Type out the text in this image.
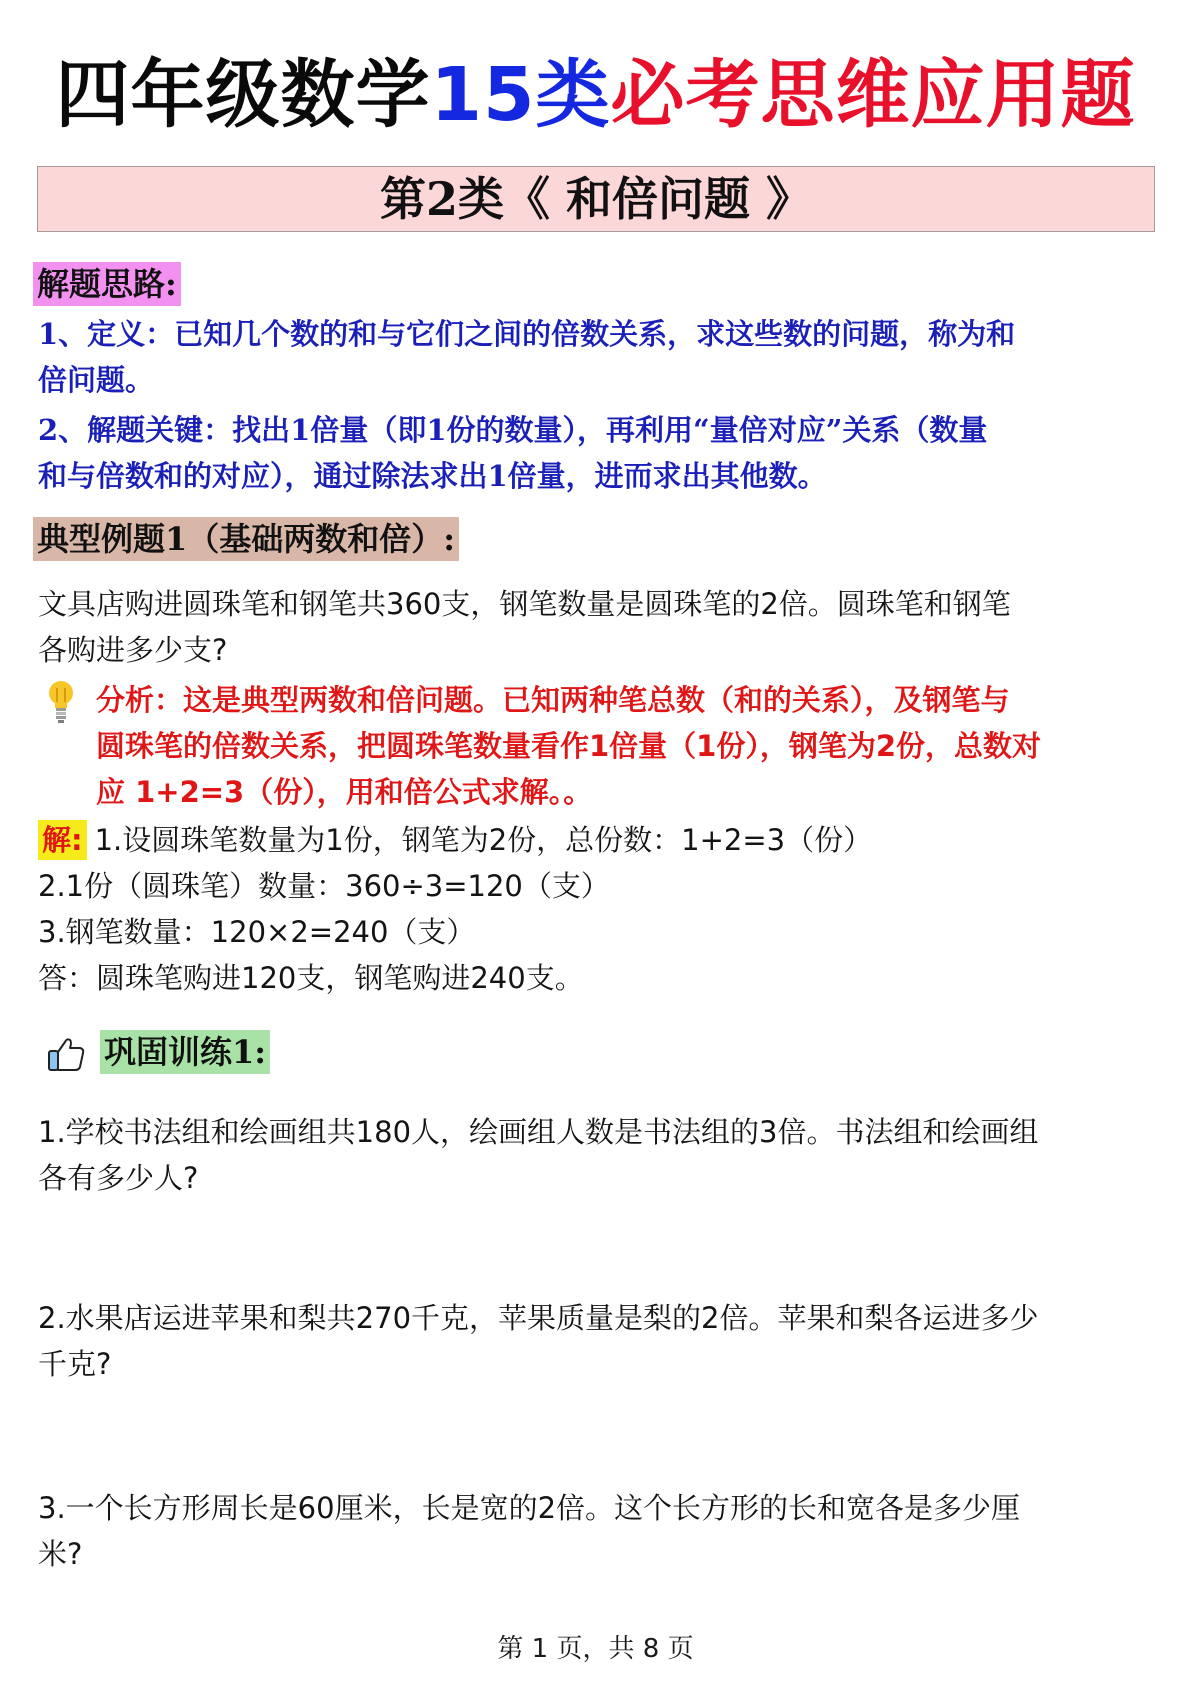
四年级数学15类必考思维应用题
第2类《 和倍问题 》
解题思路:
1、定义：已知几个数的和与它们之间的倍数关系，求这些数的问题，称为和
倍问题。
2、解题关键：找出1倍量（即1份的数量），再利用“量倍对应”关系（数量
和与倍数和的对应），通过除法求出1倍量，进而求出其他数。
典型例题1（基础两数和倍）:
文具店购进圆珠笔和钢笔共360支，钢笔数量是圆珠笔的2倍。圆珠笔和钢笔
各购进多少支?
分析：这是典型两数和倍问题。已知两种笔总数（和的关系），及钢笔与
圆珠笔的倍数关系，把圆珠笔数量看作1倍量（1份），钢笔为2份，总数对
应 1+2=3（份），用和倍公式求解。。
解: 1.设圆珠笔数量为1份，钢笔为2份，总份数：1+2=3（份）
2.1份（圆珠笔）数量：360÷3=120（支）
3.钢笔数量：120×2=240（支）
答：圆珠笔购进120支，钢笔购进240支。
巩固训练1:
1.学校书法组和绘画组共180人，绘画组人数是书法组的3倍。书法组和绘画组
各有多少人?
2.水果店运进苹果和梨共270千克，苹果质量是梨的2倍。苹果和梨各运进多少
千克?
3.一个长方形周长是60厘米，长是宽的2倍。这个长方形的长和宽各是多少厘
米?
第 1 页，共 8 页
